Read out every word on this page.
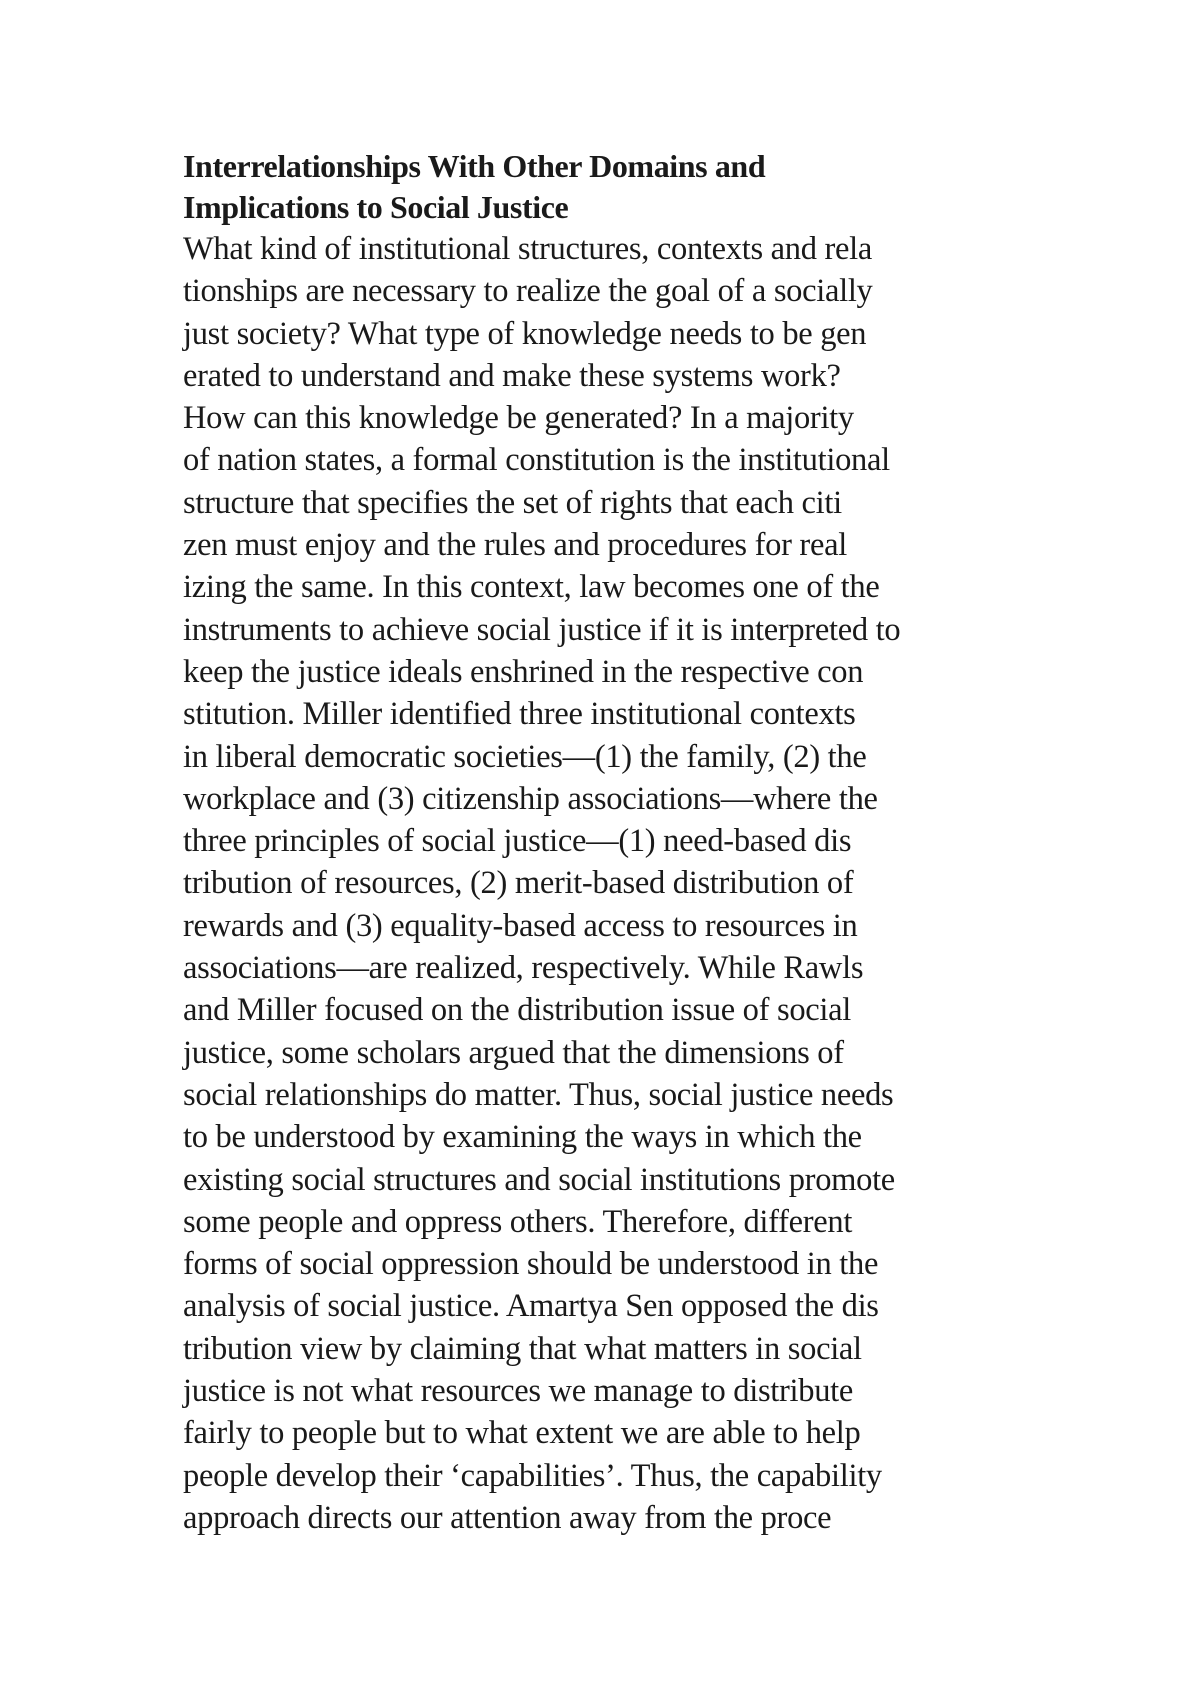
Interrelationships With Other Domains and
Implications to Social Justice
What kind of institutional structures, contexts and rela
tionships are necessary to realize the goal of a socially
just society? What type of knowledge needs to be gen
erated to understand and make these systems work?
How can this knowledge be generated? In a majority
of nation states, a formal constitution is the institutional
structure that specifies the set of rights that each citi
zen must enjoy and the rules and procedures for real
izing the same. In this context, law becomes one of the
instruments to achieve social justice if it is interpreted to
keep the justice ideals enshrined in the respective con
stitution. Miller identified three institutional contexts
in liberal democratic societies—(1) the family, (2) the
workplace and (3) citizenship associations—where the
three principles of social justice—(1) need-based dis
tribution of resources, (2) merit-based distribution of
rewards and (3) equality-based access to resources in
associations—are realized, respectively. While Rawls
and Miller focused on the distribution issue of social
justice, some scholars argued that the dimensions of
social relationships do matter. Thus, social justice needs
to be understood by examining the ways in which the
existing social structures and social institutions promote
some people and oppress others. Therefore, different
forms of social oppression should be understood in the
analysis of social justice. Amartya Sen opposed the dis
tribution view by claiming that what matters in social
justice is not what resources we manage to distribute
fairly to people but to what extent we are able to help
people develop their ‘capabilities’. Thus, the capability
approach directs our attention away from the proce
